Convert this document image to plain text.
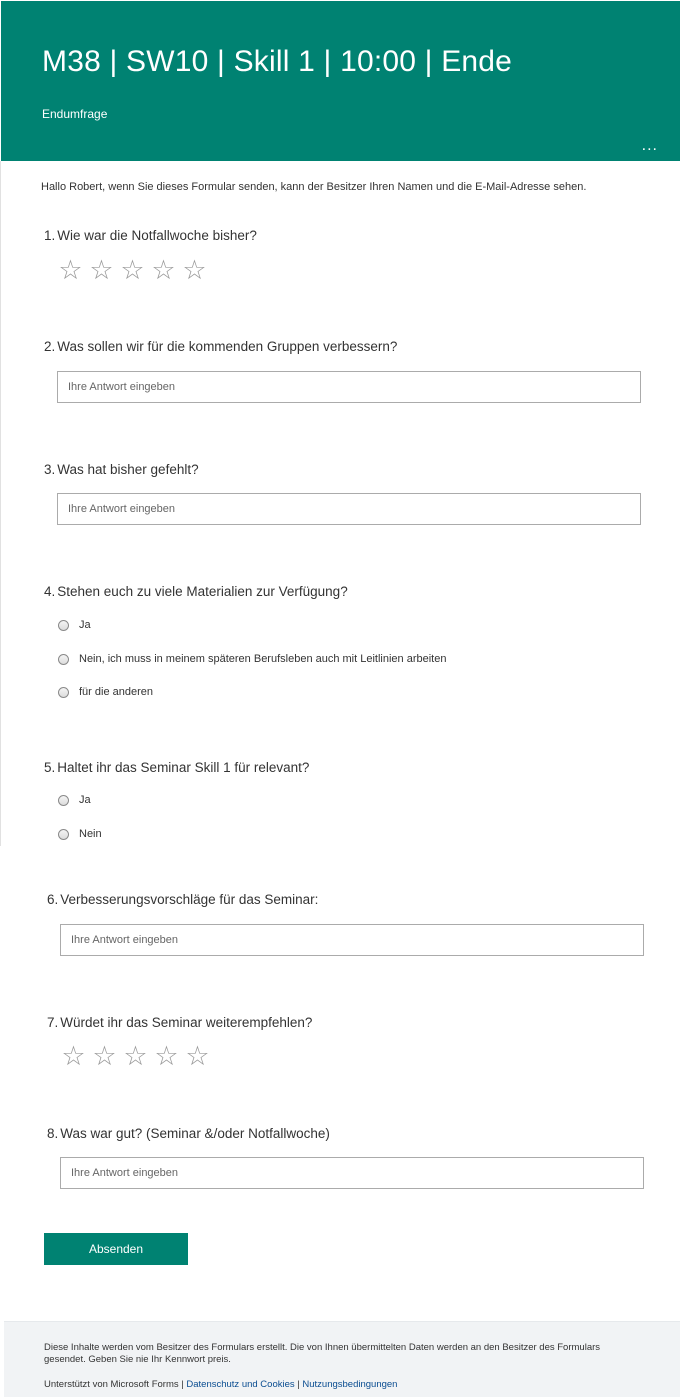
M38 | SW10 | Skill 1 | 10:00 | Ende
Endumfrage
...
Hallo Robert, wenn Sie dieses Formular senden, kann der Besitzer Ihren Namen und die E-Mail-Adresse sehen.
1. Wie war die Notfallwoche bisher?
☆ ☆ ☆ ☆ ☆
2. Was sollen wir für die kommenden Gruppen verbessern?
Ihre Antwort eingeben
3. Was hat bisher gefehlt?
Ihre Antwort eingeben
4. Stehen euch zu viele Materialien zur Verfügung?
Ja
Nein, ich muss in meinem späteren Berufsleben auch mit Leitlinien arbeiten
für die anderen
5. Haltet ihr das Seminar Skill 1 für relevant?
Ja
Nein
6. Verbesserungsvorschläge für das Seminar:
Ihre Antwort eingeben
7. Würdet ihr das Seminar weiterempfehlen?
☆ ☆ ☆ ☆ ☆
8. Was war gut? (Seminar &/oder Notfallwoche)
Ihre Antwort eingeben
Absenden
Diese Inhalte werden vom Besitzer des Formulars erstellt. Die von Ihnen übermittelten Daten werden an den Besitzer des Formulars gesendet. Geben Sie nie Ihr Kennwort preis.
Unterstützt von Microsoft Forms | Datenschutz und Cookies | Nutzungsbedingungen
